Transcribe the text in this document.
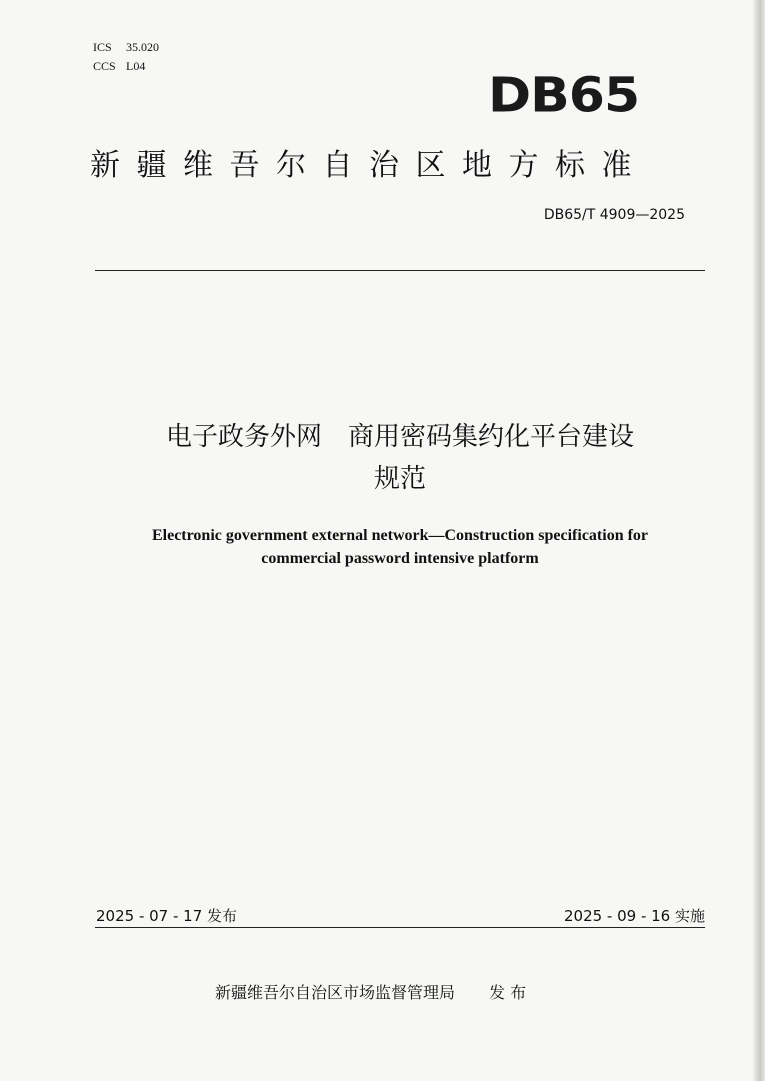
ICS 35.020
CCS L04
DB65
新疆维吾尔自治区地方标准
DB65/T 4909—2025
电子政务外网　商用密码集约化平台建设
规范
Electronic government external network—Construction specification for
commercial password intensive platform
2025 - 07 - 17 发布	2025 - 09 - 16 实施
新疆维吾尔自治区市场监督管理局 发 布
